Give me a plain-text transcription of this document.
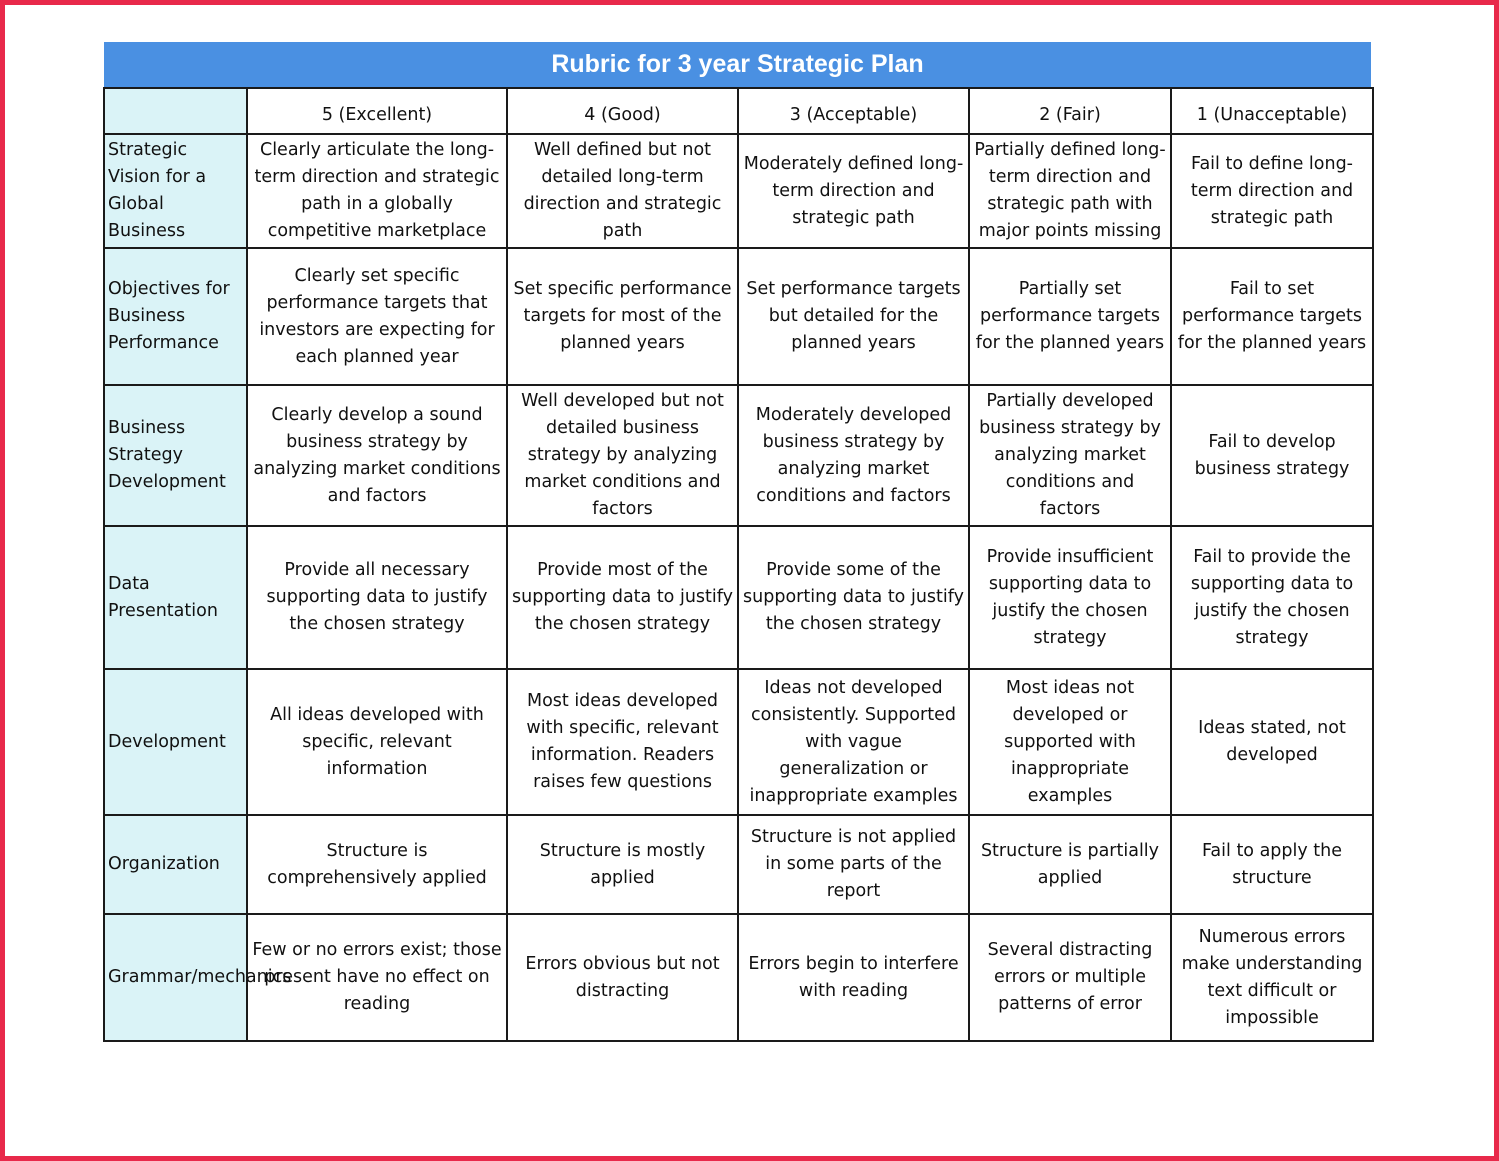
Rubric for 3 year Strategic Plan
	5 (Excellent)	4 (Good)	3 (Acceptable)	2 (Fair)	1 (Unacceptable)
Strategic Vision for a Global Business	Clearly articulate the long-term direction and strategic path in a globally competitive marketplace	Well defined but not detailed long-term direction and strategic path	Moderately defined long-term direction and strategic path	Partially defined long-term direction and strategic path with major points missing	Fail to define long-term direction and strategic path
Objectives for Business Performance	Clearly set specific performance targets that investors are expecting for each planned year	Set specific performance targets for most of the planned years	Set performance targets but detailed for the planned years	Partially set performance targets for the planned years	Fail to set performance targets for the planned years
Business Strategy Development	Clearly develop a sound business strategy by analyzing market conditions and factors	Well developed but not detailed business strategy by analyzing market conditions and factors	Moderately developed business strategy by analyzing market conditions and factors	Partially developed business strategy by analyzing market conditions and factors	Fail to develop business strategy
Data Presentation	Provide all necessary supporting data to justify the chosen strategy	Provide most of the supporting data to justify the chosen strategy	Provide some of the supporting data to justify the chosen strategy	Provide insufficient supporting data to justify the chosen strategy	Fail to provide the supporting data to justify the chosen strategy
Development	All ideas developed with specific, relevant information	Most ideas developed with specific, relevant information. Readers raises few questions	Ideas not developed consistently. Supported with vague generalization or inappropriate examples	Most ideas not developed or supported with inappropriate examples	Ideas stated, not developed
Organization	Structure is comprehensively applied	Structure is mostly applied	Structure is not applied in some parts of the report	Structure is partially applied	Fail to apply the structure
Grammar/mechanics	Few or no errors exist; those present have no effect on reading	Errors obvious but not distracting	Errors begin to interfere with reading	Several distracting errors or multiple patterns of error	Numerous errors make understanding text difficult or impossible
